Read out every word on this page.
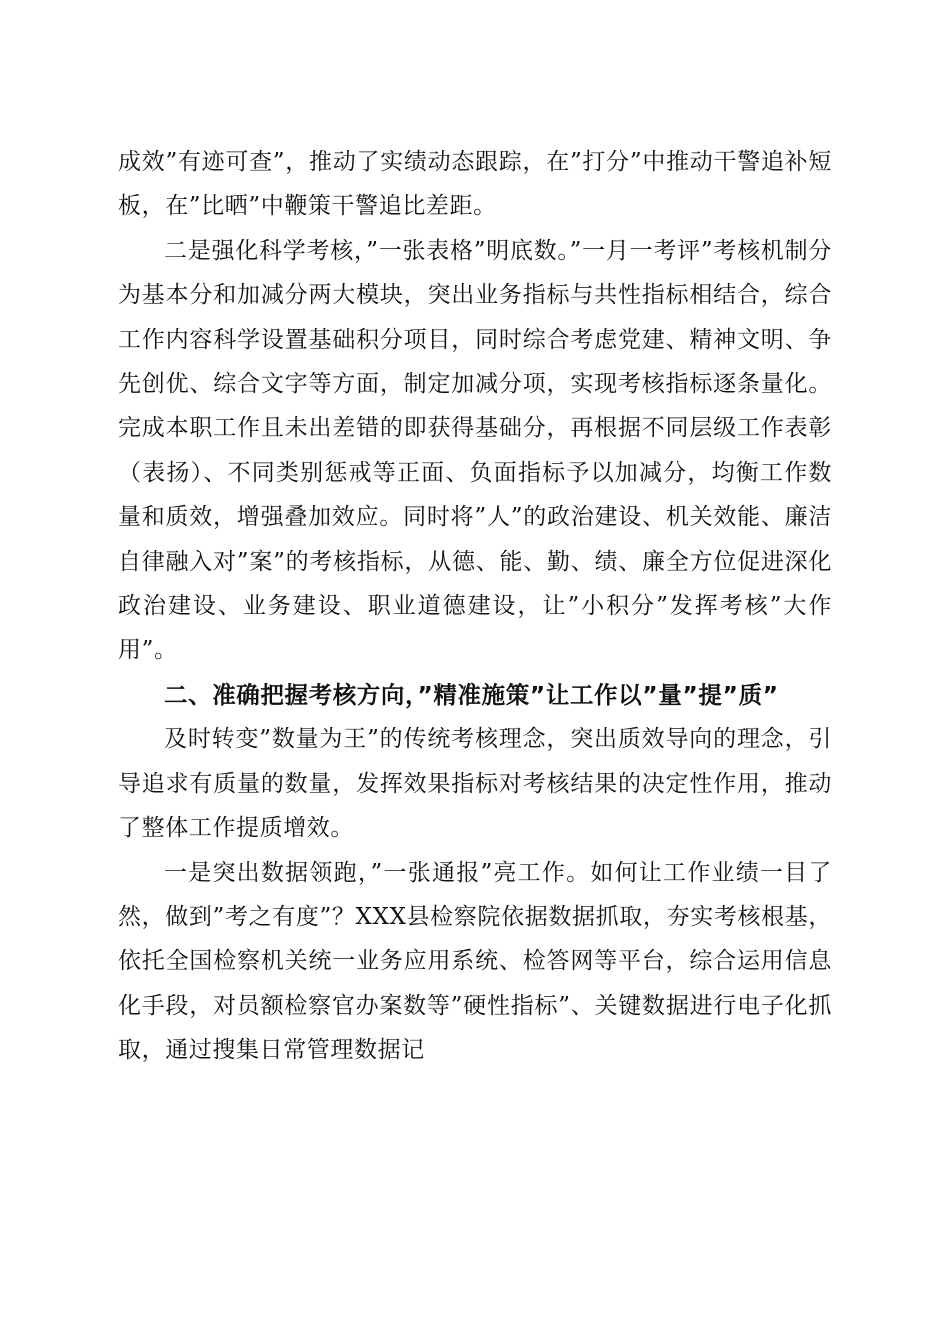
成效”有迹可查”，推动了实绩动态跟踪，在”打分”中推动干警追补短板，在”比晒”中鞭策干警追比差距。

二是强化科学考核，”一张表格”明底数。”一月一考评”考核机制分为基本分和加减分两大模块，突出业务指标与共性指标相结合，综合工作内容科学设置基础积分项目，同时综合考虑党建、精神文明、争先创优、综合文字等方面，制定加减分项，实现考核指标逐条量化。完成本职工作且未出差错的即获得基础分，再根据不同层级工作表彰（表扬）、不同类别惩戒等正面、负面指标予以加减分，均衡工作数量和质效，增强叠加效应。同时将”人”的政治建设、机关效能、廉洁自律融入对”案”的考核指标，从德、能、勤、绩、廉全方位促进深化政治建设、业务建设、职业道德建设，让”小积分”发挥考核”大作用”。

二、准确把握考核方向，”精准施策”让工作以”量”提”质”

及时转变”数量为王”的传统考核理念，突出质效导向的理念，引导追求有质量的数量，发挥效果指标对考核结果的决定性作用，推动了整体工作提质增效。

一是突出数据领跑，”一张通报”亮工作。如何让工作业绩一目了然，做到”考之有度”？XXX县检察院依据数据抓取，夯实考核根基，依托全国检察机关统一业务应用系统、检答网等平台，综合运用信息化手段，对员额检察官办案数等”硬性指标”、关键数据进行电子化抓取，通过搜集日常管理数据记
